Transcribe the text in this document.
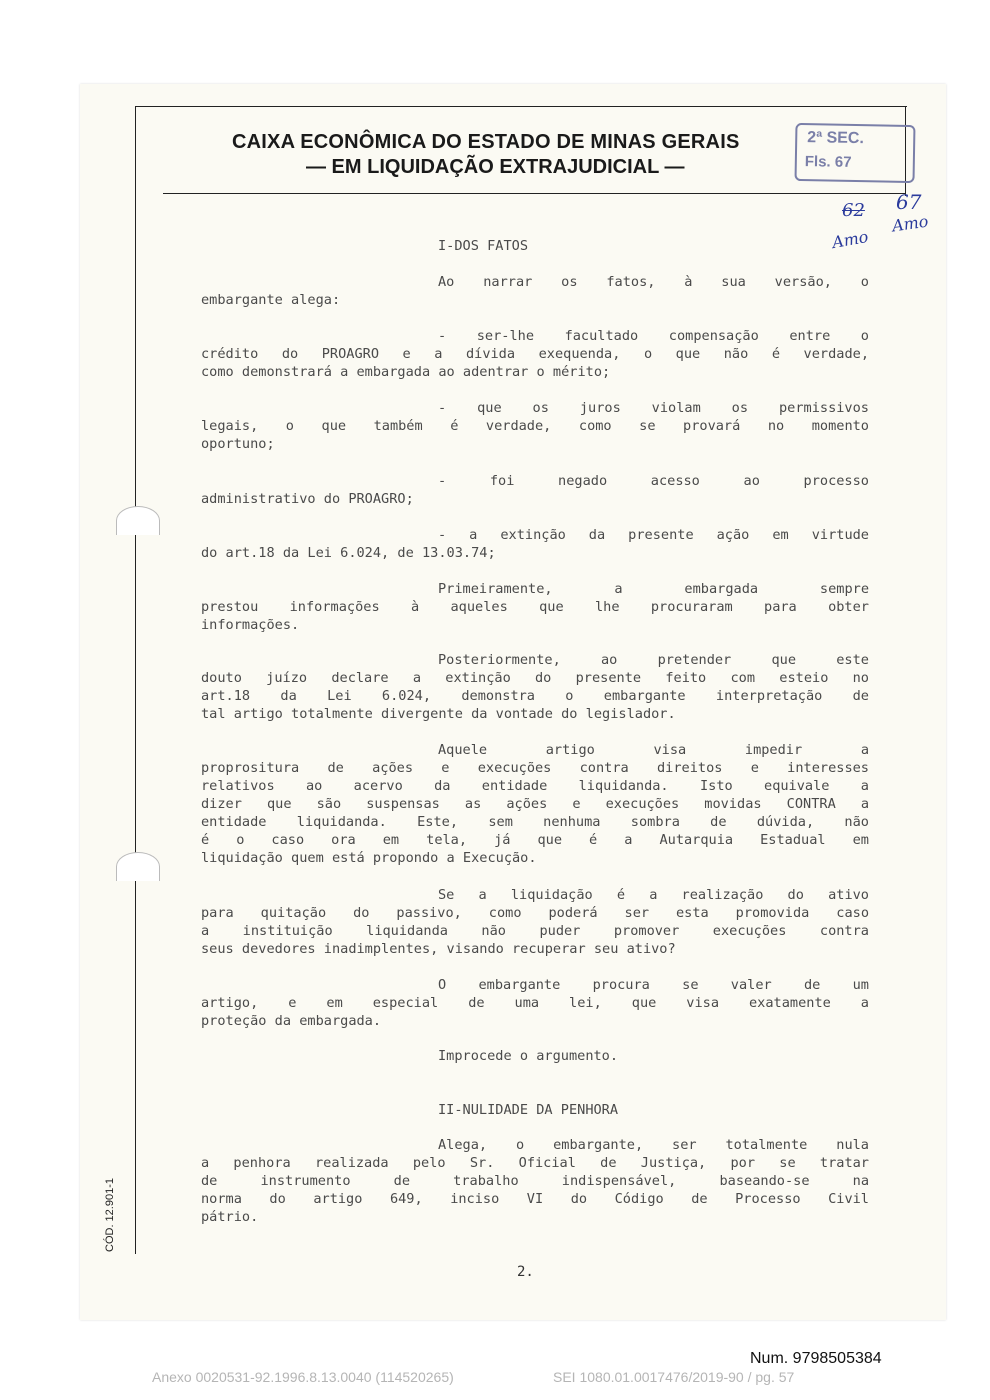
CAIXA ECONÔMICA DO ESTADO DE MINAS GERAIS
— EM LIQUIDAÇÃO EXTRAJUDICIAL —
2ª SEC.
Fls. 67
62 67
Amo
Amo
I-DOS FATOS
Ao narrar os fatos, à sua versão, o
embargante alega:
- ser-lhe facultado compensação entre o
crédito do PROAGRO e a dívida exequenda, o que não é verdade,
como demonstrará a embargada ao adentrar o mérito;
- que os juros violam os permissivos
legais, o que também é verdade, como se provará no momento
oportuno;
- foi negado acesso ao processo
administrativo do PROAGRO;
- a extinção da presente ação em virtude
do art.18 da Lei 6.024, de 13.03.74;
Primeiramente, a embargada sempre
prestou informações à aqueles que lhe procuraram para obter
informações.
Posteriormente, ao pretender que este
douto juízo declare a extinção do presente feito com esteio no
art.18 da Lei 6.024, demonstra o embargante interpretação de
tal artigo totalmente divergente da vontade do legislador.
Aquele artigo visa impedir a
proprositura de ações e execuções contra direitos e interesses
relativos ao acervo da entidade liquidanda. Isto equivale a
dizer que são suspensas as ações e execuções movidas CONTRA a
entidade liquidanda. Este, sem nenhuma sombra de dúvida, não
é o caso ora em tela, já que é a Autarquia Estadual em
liquidação quem está propondo a Execução.
Se a liquidação é a realização do ativo
para quitação do passivo, como poderá ser esta promovida caso
a instituição liquidanda não puder promover execuções contra
seus devedores inadimplentes, visando recuperar seu ativo?
O embargante procura se valer de um
artigo, e em especial de uma lei, que visa exatamente a
proteção da embargada.
Improcede o argumento.
II-NULIDADE DA PENHORA
Alega, o embargante, ser totalmente nula
a penhora realizada pelo Sr. Oficial de Justiça, por se tratar
de instrumento de trabalho indispensável, baseando-se na
norma do artigo 649, inciso VI do Código de Processo Civil
pátrio.
CÓD. 12.901-1
2.
Num. 9798505384
Anexo 0020531-92.1996.8.13.0040 (114520265)	SEI 1080.01.0017476/2019-90 / pg. 57
